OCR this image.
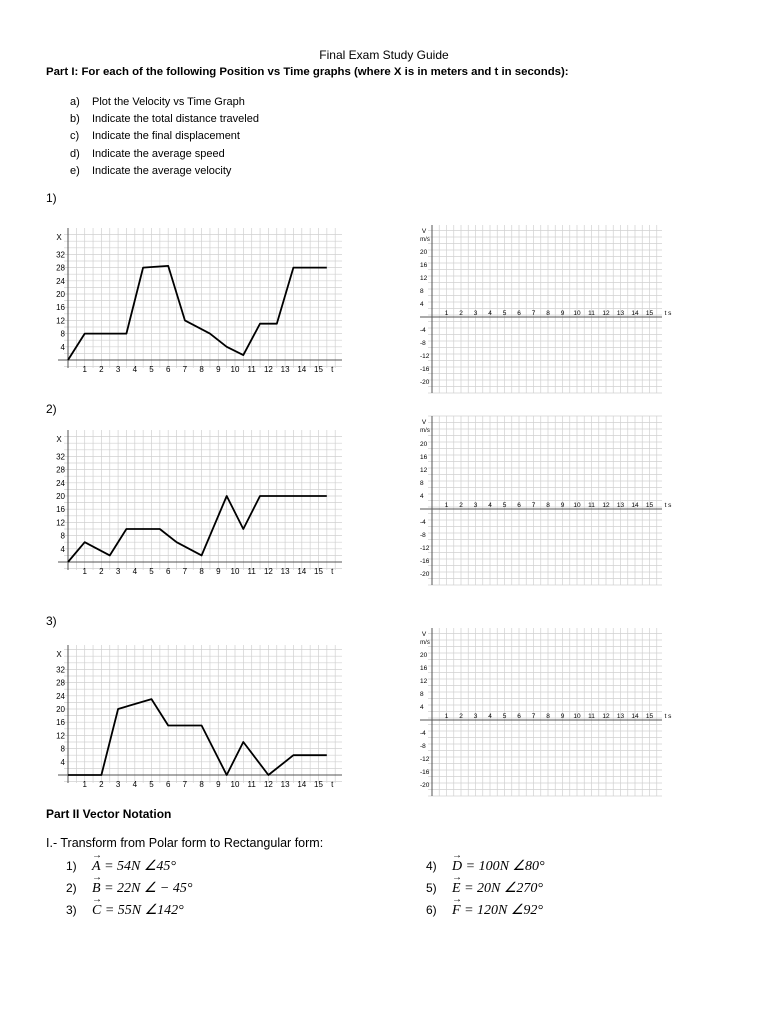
Final Exam Study Guide
Part I: For each of the following Position vs Time graphs (where X is in meters and t in seconds):
a)	Plot the Velocity vs Time Graph
b)	Indicate the total distance traveled
c)	Indicate the final displacement
d)	Indicate the average speed
e)	Indicate the average velocity
1)
2)
3)
X
32
28
24
20
16
12
8
4
1 2 3 4 5 6 7 8 9 10 11 12 13 14 15 t
X
32
28
24
20
16
12
8
4
1 2 3 4 5 6 7 8 9 10 11 12 13 14 15 t
X
32
28
24
20
16
12
8
4
1 2 3 4 5 6 7 8 9 10 11 12 13 14 15 t
V
m/s
20
16
12
8
4
-4
-8
-12
-16
-20
1 2 3 4 5 6 7 8 9 10 11 12 13 14 15 t s
V
m/s
20
16
12
8
4
-4
-8
-12
-16
-20
1 2 3 4 5 6 7 8 9 10 11 12 13 14 15 t s
V
m/s
20
16
12
8
4
-4
-8
-12
-16
-20
1 2 3 4 5 6 7 8 9 10 11 12 13 14 15 t s
Part II Vector Notation
I.- Transform from Polar form to Rectangular form:
1)	A
→
= 54N ∠45°
2)	B
→
= 22N ∠ − 45°
3)	C
→
= 55N ∠142°
4)	D
→
= 100N ∠80°
5)	E
→
= 20N ∠270°
6)	F
→
= 120N ∠92°
